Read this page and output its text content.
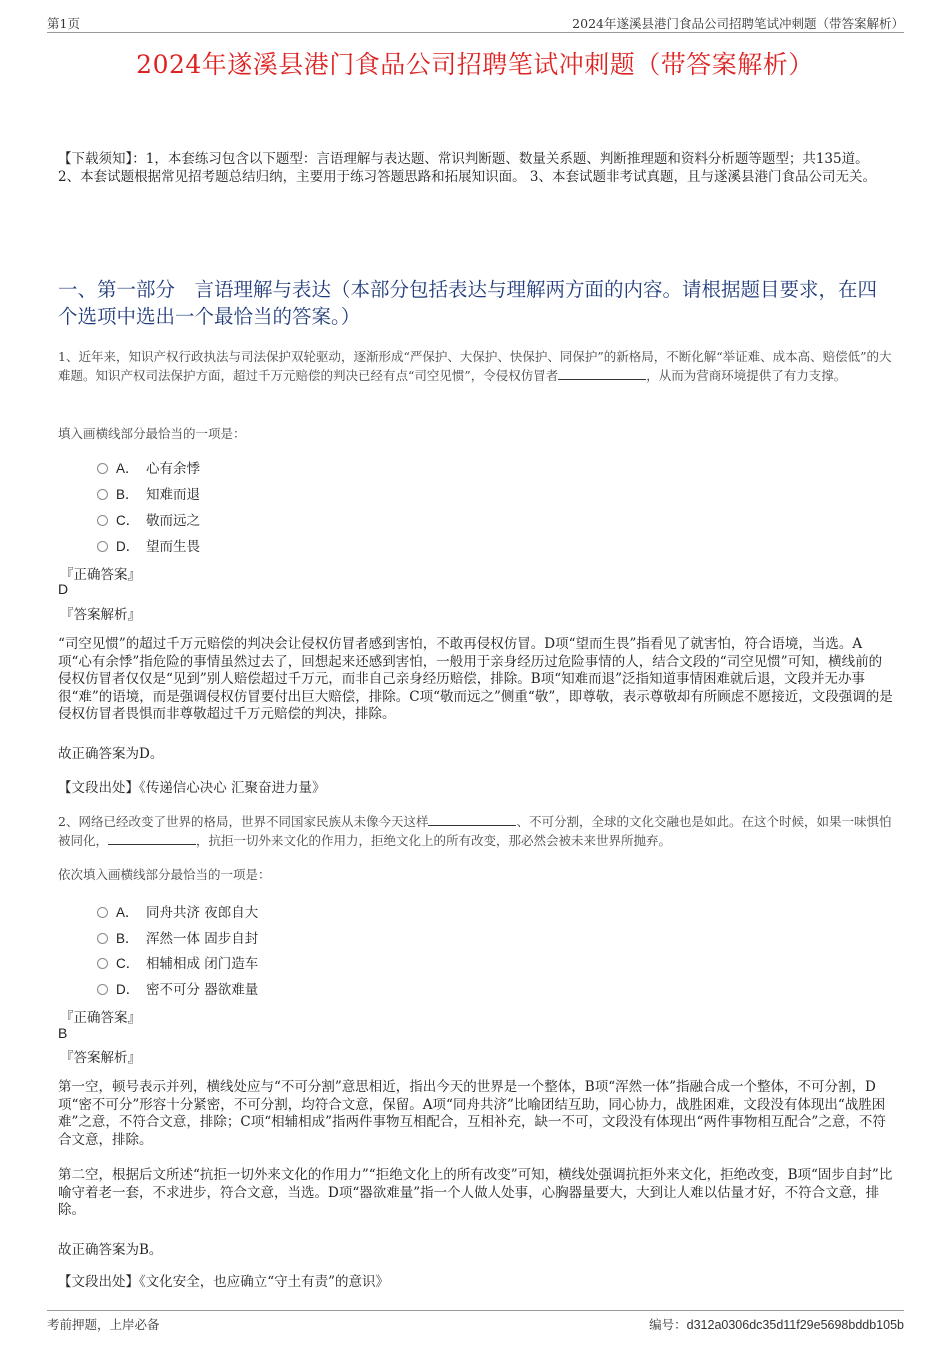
第1页	2024年遂溪县港门食品公司招聘笔试冲刺题（带答案解析）
2024年遂溪县港门食品公司招聘笔试冲刺题（带答案解析）
【下载须知】：1，本套练习包含以下题型：言语理解与表达题、常识判断题、数量关系题、判断推理题和资料分析题等题型；共135道。 2、本套试题根据常见招考题总结归纳，主要用于练习答题思路和拓展知识面。 3、本套试题非考试真题，且与遂溪县港门食品公司无关。
一、第一部分　言语理解与表达（本部分包括表达与理解两方面的内容。请根据题目要求，在四个选项中选出一个最恰当的答案。）
1、近年来，知识产权行政执法与司法保护双轮驱动，逐渐形成“严保护、大保护、快保护、同保护”的新格局，不断化解“举证难、成本高、赔偿低”的大难题。知识产权司法保护方面，超过千万元赔偿的判决已经有点“司空见惯”，令侵权仿冒者	，从而为营商环境提供了有力支撑。
填入画横线部分最恰当的一项是：
A． 心有余悸
B． 知难而退
C． 敬而远之
D． 望而生畏
『正确答案』
D
『答案解析』
“司空见惯”的超过千万元赔偿的判决会让侵权仿冒者感到害怕，不敢再侵权仿冒。D项“望而生畏”指看见了就害怕，符合语境，当选。A项“心有余悸”指危险的事情虽然过去了，回想起来还感到害怕，一般用于亲身经历过危险事情的人，结合文段的“司空见惯”可知，横线前的侵权仿冒者仅仅是“见到”别人赔偿超过千万元，而非自己亲身经历赔偿，排除。B项“知难而退”泛指知道事情困难就后退，文段并无办事很“难”的语境，而是强调侵权仿冒要付出巨大赔偿，排除。C项“敬而远之”侧重“敬”，即尊敬，表示尊敬却有所顾虑不愿接近，文段强调的是侵权仿冒者畏惧而非尊敬超过千万元赔偿的判决，排除。
故正确答案为D。
【文段出处】《传递信心决心 汇聚奋进力量》
2、网络已经改变了世界的格局，世界不同国家民族从未像今天这样	、不可分割，全球的文化交融也是如此。在这个时候，如果一味惧怕被同化，	，抗拒一切外来文化的作用力，拒绝文化上的所有改变，那必然会被未来世界所抛弃。
依次填入画横线部分最恰当的一项是：
A． 同舟共济 夜郎自大
B． 浑然一体 固步自封
C． 相辅相成 闭门造车
D． 密不可分 器欲难量
『正确答案』
B
『答案解析』
第一空，顿号表示并列，横线处应与“不可分割”意思相近，指出今天的世界是一个整体，B项“浑然一体”指融合成一个整体，不可分割，D项“密不可分”形容十分紧密，不可分割，均符合文意，保留。A项“同舟共济”比喻团结互助，同心协力，战胜困难，文段没有体现出“战胜困难”之意，不符合文意，排除；C项“相辅相成”指两件事物互相配合，互相补充，缺一不可，文段没有体现出“两件事物相互配合”之意，不符合文意，排除。
第二空，根据后文所述“抗拒一切外来文化的作用力”“拒绝文化上的所有改变”可知，横线处强调抗拒外来文化，拒绝改变，B项“固步自封”比喻守着老一套，不求进步，符合文意，当选。D项“器欲难量”指一个人做人处事，心胸器量要大，大到让人难以估量才好，不符合文意，排除。
故正确答案为B。
【文段出处】《文化安全，也应确立“守土有责”的意识》
考前押题，上岸必备	编号：d312a0306dc35d11f29e5698bddb105b
